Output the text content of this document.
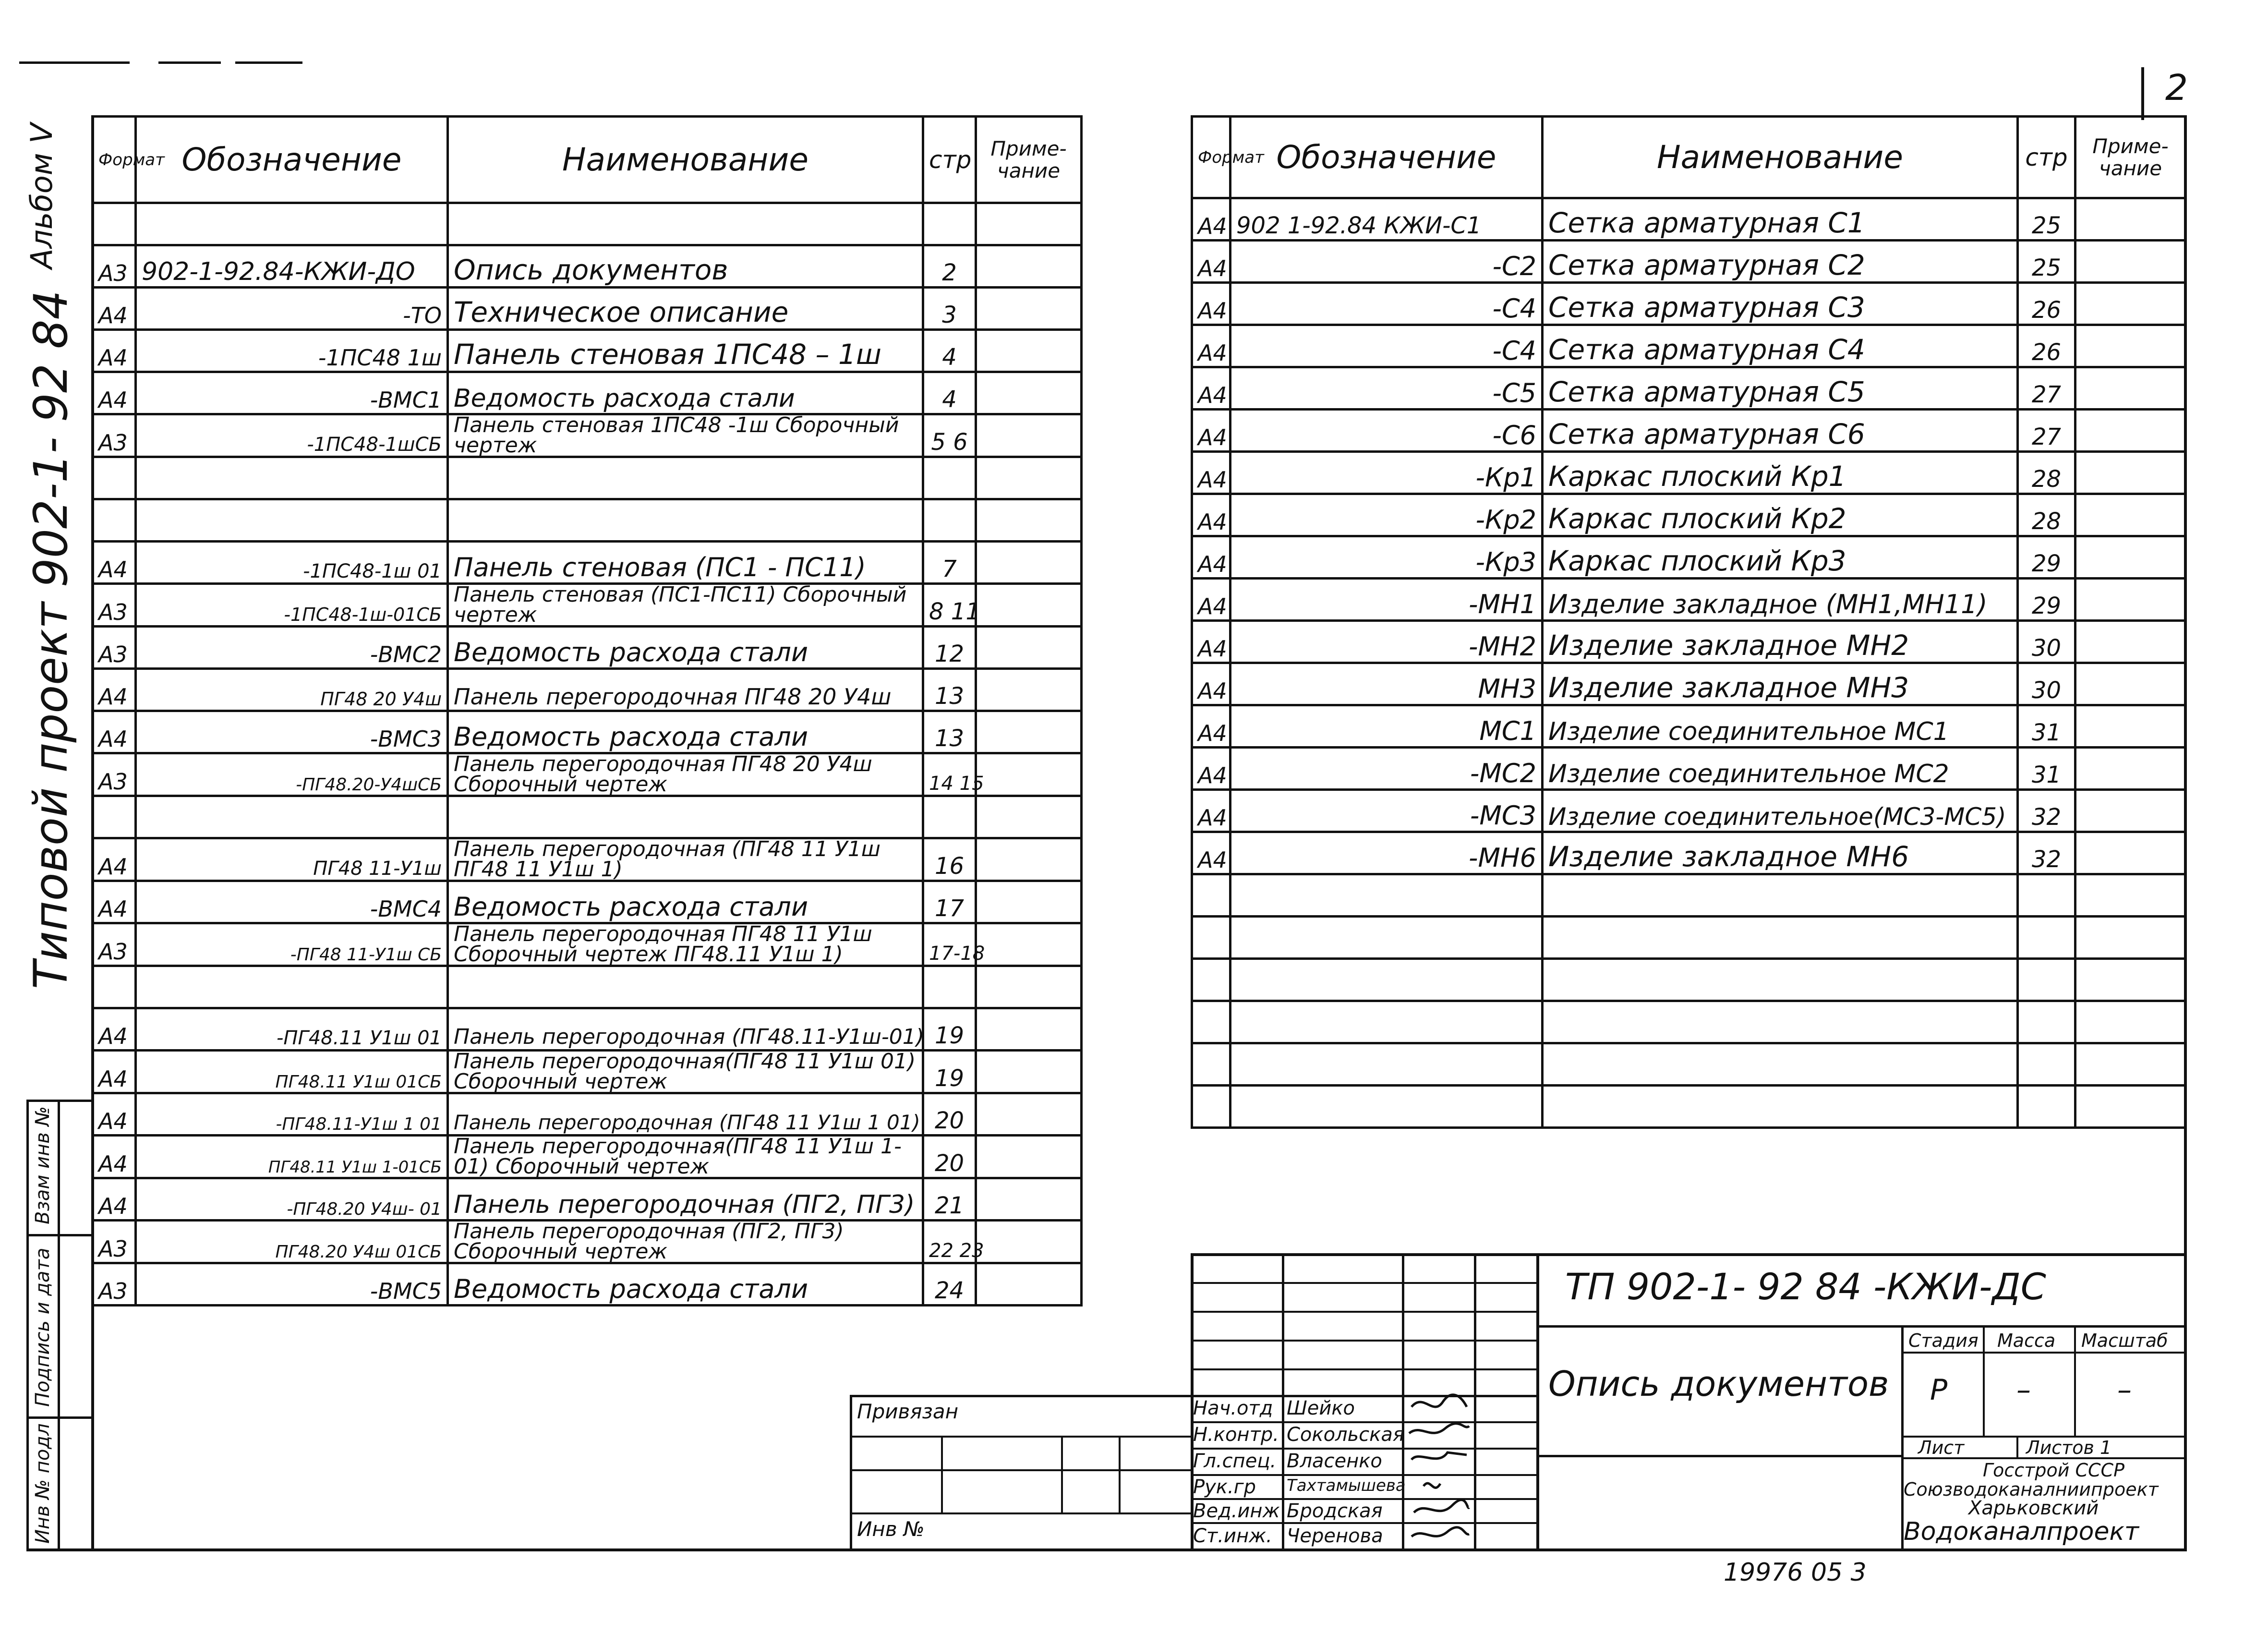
2
Альбом V
Типовой проект 902-1- 92 84
Взам инв №
Подпись и дата
Инв № подл
Формат	Обозначение	Наименование	стр	Приме-чание

А3	902-1-92.84-КЖИ-ДО	Опись документов	2	
А4	-ТО	Техническое описание	3	
А4	-1ПС48 1ш	Панель стеновая 1ПС48 – 1ш	4	
А4	-ВМС1	Ведомость расхода стали	4	
А3	-1ПС48-1шСБ	Панель стеновая 1ПС48 -1ш Сборочный чертеж	5 6	

А4	-1ПС48-1ш 01	Панель стеновая (ПС1 - ПС11)	7	
А3	-1ПС48-1ш-01СБ	Панель стеновая (ПС1-ПС11) Сборочный чертеж	8 11	
А3	-ВМС2	Ведомость расхода стали	12	
А4	ПГ48 20 У4ш	Панель перегородочная ПГ48 20 У4ш	13	
А4	-ВМС3	Ведомость расхода стали	13	
А3	-ПГ48.20-У4шСБ	Панель перегородочная ПГ48 20 У4ш Сборочный чертеж	14 15	

А4	ПГ48 11-У1ш	Панель перегородочная (ПГ48 11 У1ш ПГ48 11 У1ш 1)	16	
А4	-ВМС4	Ведомость расхода стали	17	
А3	-ПГ48 11-У1ш СБ	Панель перегородочная ПГ48 11 У1ш Сборочный чертеж ПГ48.11 У1ш 1)	17-18	

А4	-ПГ48.11 У1ш 01	Панель перегородочная (ПГ48.11-У1ш-01)	19	
А4	ПГ48.11 У1ш 01СБ	Панель перегородочная(ПГ48 11 У1ш 01) Сборочный чертеж	19	
А4	-ПГ48.11-У1ш 1 01	Панель перегородочная (ПГ48 11 У1ш 1 01)	20	
А4	ПГ48.11 У1ш 1-01СБ	Панель перегородочная(ПГ48 11 У1ш 1-01) Сборочный чертеж	20	
А4	-ПГ48.20 У4ш- 01	Панель перегородочная (ПГ2, ПГ3)	21	
А3	ПГ48.20 У4ш 01СБ	Панель перегородочная (ПГ2, ПГ3) Сборочный чертеж	22 23	
А3	-ВМС5	Ведомость расхода стали	24	
Формат	Обозначение	Наименование	стр	Приме-чание
А4	902 1-92.84 КЖИ-С1	Сетка арматурная С1	25	
А4	-С2	Сетка арматурная С2	25	
А4	-С4	Сетка арматурная С3	26	
А4	-С4	Сетка арматурная С4	26	
А4	-С5	Сетка арматурная С5	27	
А4	-С6	Сетка арматурная С6	27	
А4	-Кр1	Каркас плоский Кр1	28	
А4	-Кр2	Каркас плоский Кр2	28	
А4	-Кр3	Каркас плоский Кр3	29	
А4	-МН1	Изделие закладное (МН1,МН11)	29	
А4	-МН2	Изделие закладное МН2	30	
А4	МН3	Изделие закладное МН3	30	
А4	МС1	Изделие соединительное МС1	31	
А4	-МС2	Изделие соединительное МС2	31	
А4	-МС3	Изделие соединительное(МС3-МС5)	32	
А4	-МН6	Изделие закладное МН6	32	

Привязан
Инв №
Нач.отд Шейко
Н.контр. Сокольская
Гл.спец. Власенко
Рук.гр Тахтамышева
Вед.инж Бродская
Ст.инж. Черенова
ТП 902-1- 92 84 -КЖИ-ДС
Опись документов
Стадия Масса Масштаб
Р –	–
Лист	Листов 1
Госстрой СССР
Союзводоканалниипроект
Харьковский
Водоканалпроект
19976 05 3
